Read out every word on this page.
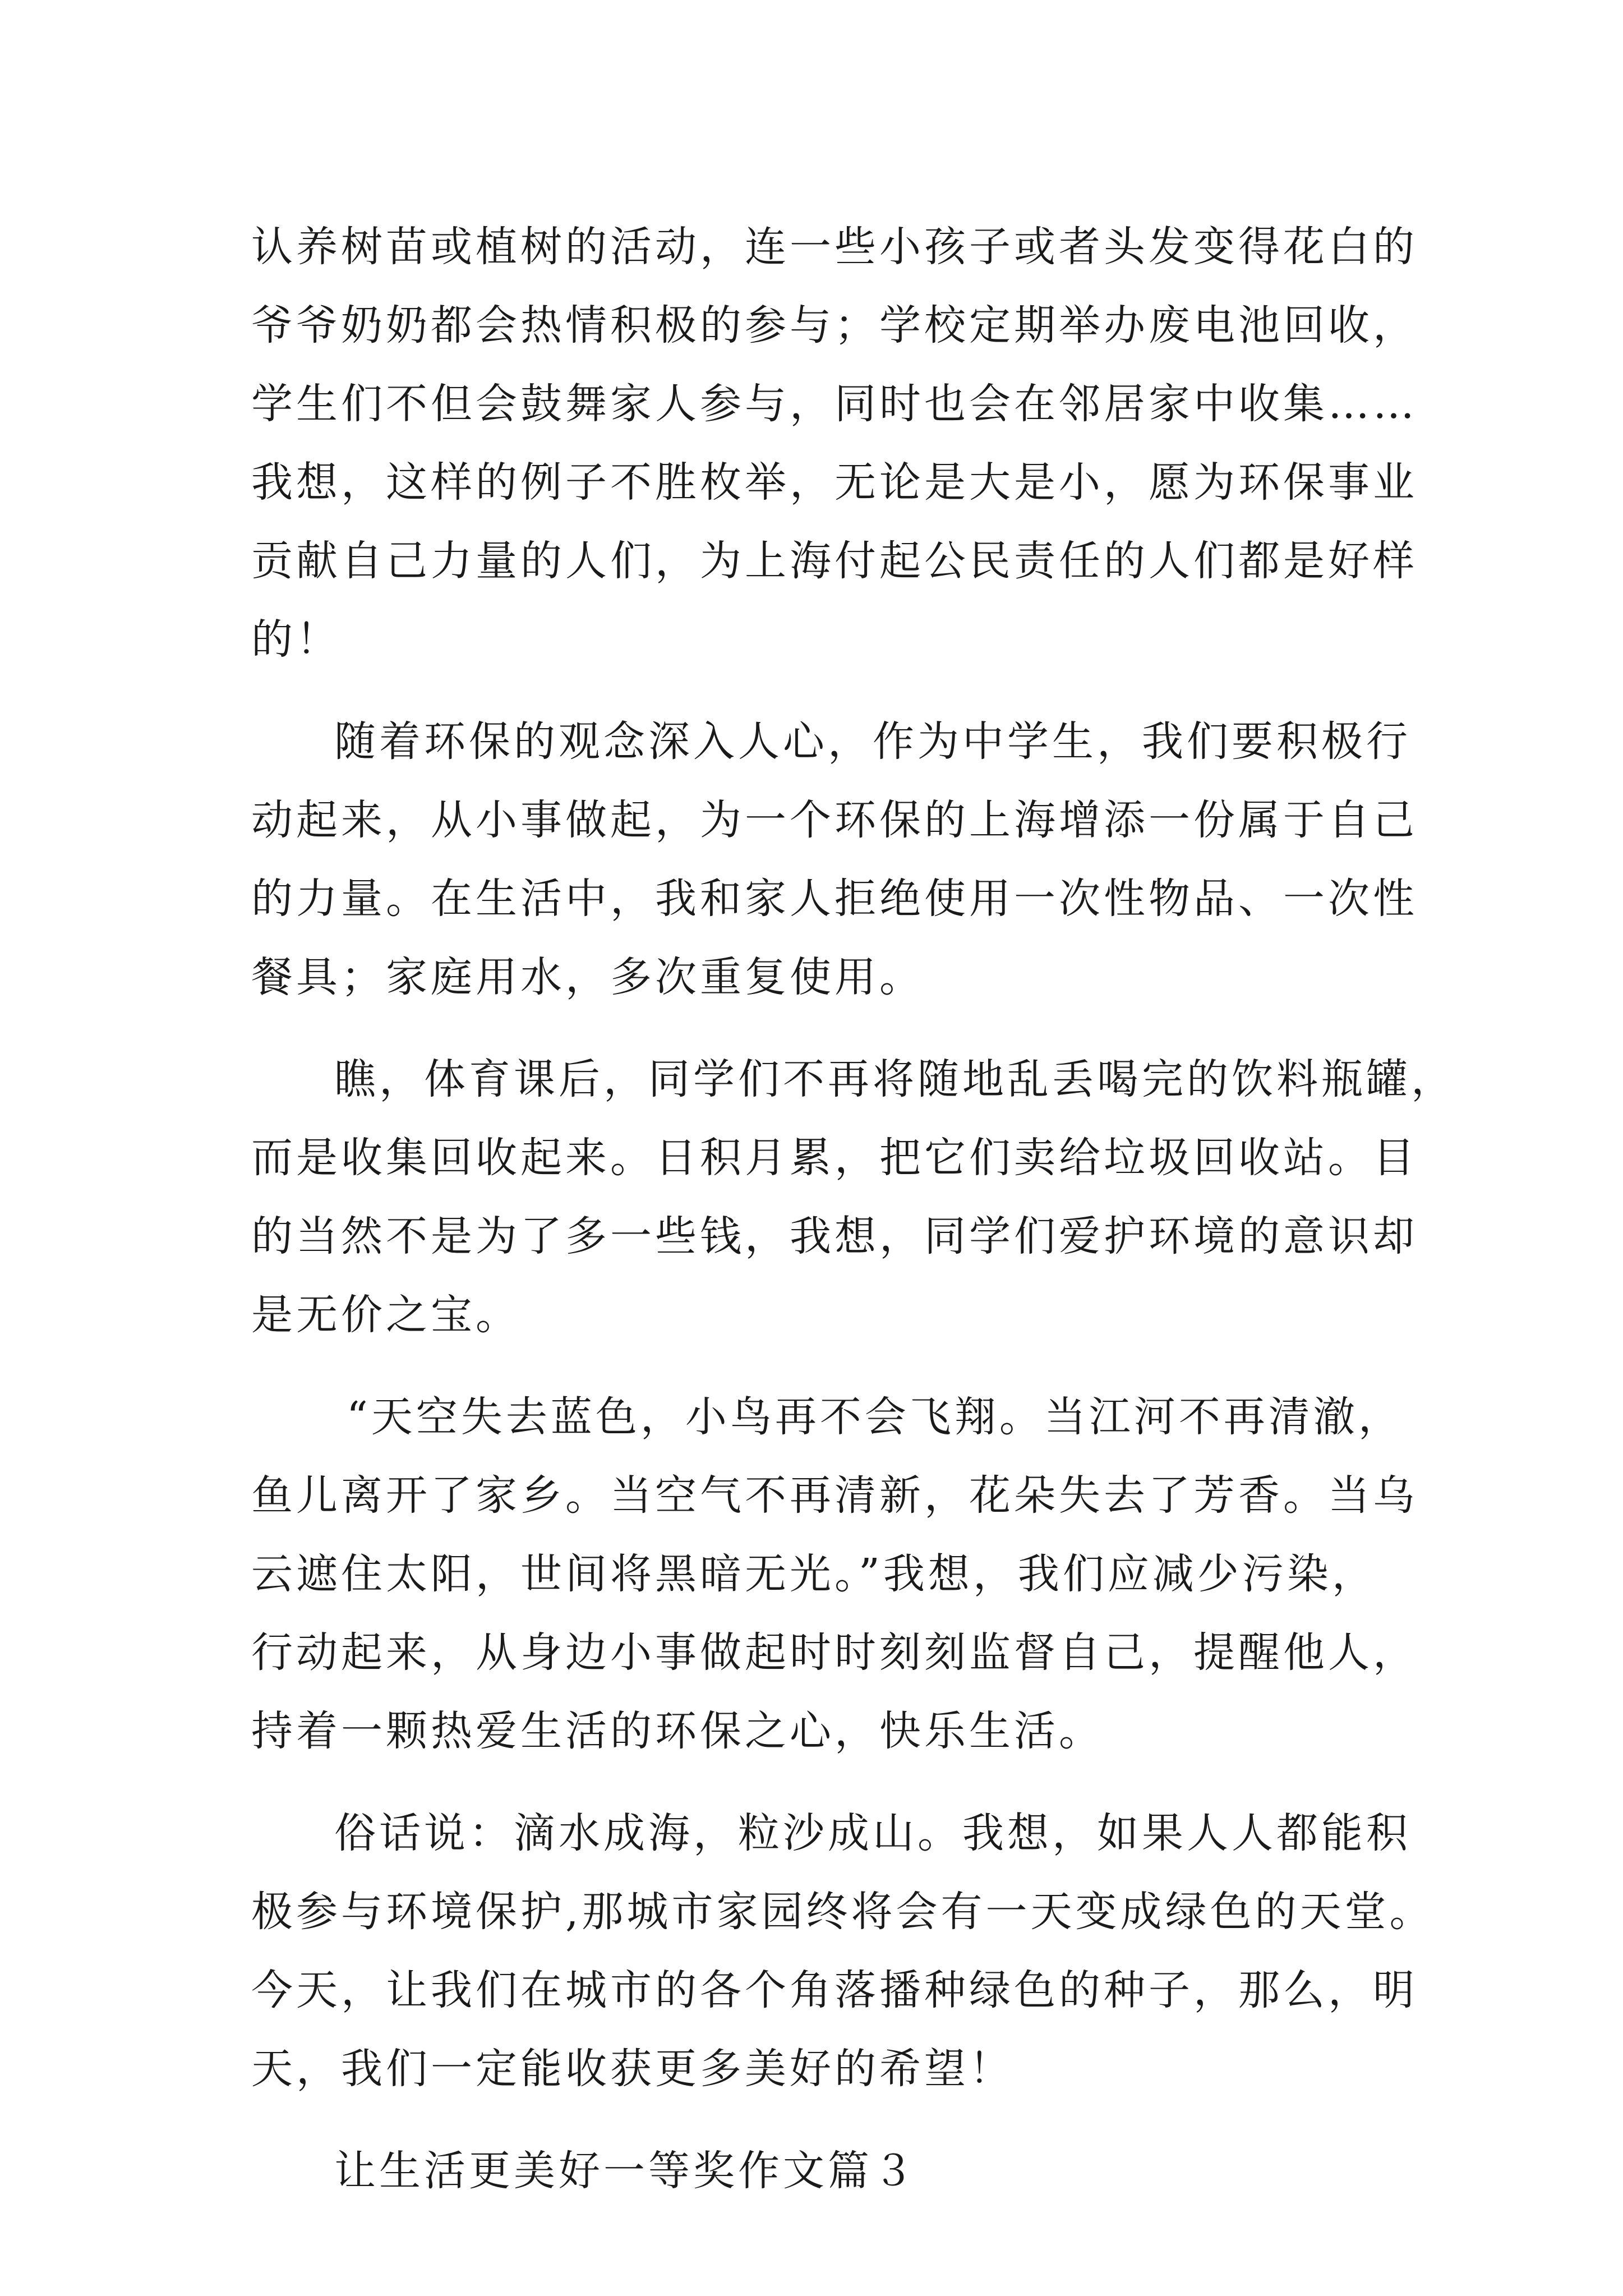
认养树苗或植树的活动，连一些小孩子或者头发变得花白的
爷爷奶奶都会热情积极的参与；学校定期举办废电池回收，
学生们不但会鼓舞家人参与，同时也会在邻居家中收集……
我想，这样的例子不胜枚举，无论是大是小，愿为环保事业
贡献自己力量的人们，为上海付起公民责任的人们都是好样
的！
随着环保的观念深入人心，作为中学生，我们要积极行
动起来，从小事做起，为一个环保的上海增添一份属于自己
的力量。在生活中，我和家人拒绝使用一次性物品、一次性
餐具；家庭用水，多次重复使用。
瞧，体育课后，同学们不再将随地乱丢喝完的饮料瓶罐，
而是收集回收起来。日积月累，把它们卖给垃圾回收站。目
的当然不是为了多一些钱，我想，同学们爱护环境的意识却
是无价之宝。
“天空失去蓝色，小鸟再不会飞翔。当江河不再清澈，
鱼儿离开了家乡。当空气不再清新，花朵失去了芳香。当乌
云遮住太阳，世间将黑暗无光。”我想，我们应减少污染，
行动起来，从身边小事做起时时刻刻监督自己，提醒他人，
持着一颗热爱生活的环保之心，快乐生活。
俗话说：滴水成海，粒沙成山。我想，如果人人都能积
极参与环境保护,那城市家园终将会有一天变成绿色的天堂。
今天，让我们在城市的各个角落播种绿色的种子，那么，明
天，我们一定能收获更多美好的希望！
让生活更美好一等奖作文篇３
